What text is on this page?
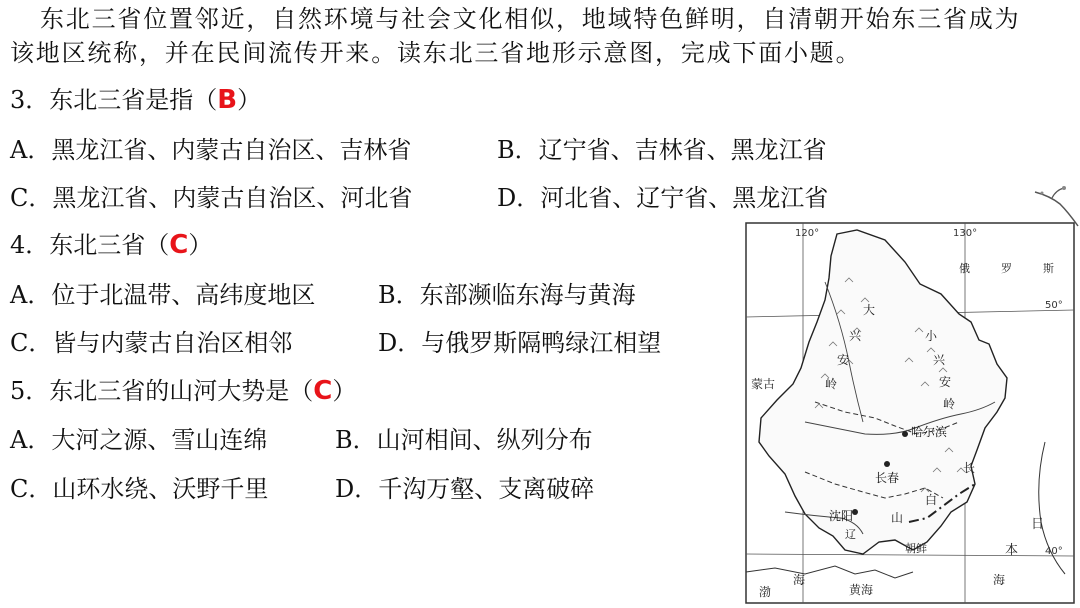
东北三省位置邻近，自然环境与社会文化相似，地域特色鲜明，自清朝开始东三省成为
该地区统称，并在民间流传开来。读东北三省地形示意图，完成下面小题。
3．东北三省是指（B）
A．黑龙江省、内蒙古自治区、吉林省	B．辽宁省、吉林省、黑龙江省
C．黑龙江省、内蒙古自治区、河北省	D．河北省、辽宁省、黑龙江省
4．东北三省（C）
A．位于北温带、高纬度地区	B．东部濒临东海与黄海
C．皆与内蒙古自治区相邻	D．与俄罗斯隔鸭绿江相望
5．东北三省的山河大势是（C）
A．大河之源、雪山连绵	B．山河相间、纵列分布
C．山环水绕、沃野千里	D．千沟万壑、支离破碎
120°	130°
50°
40°
俄	罗	斯
大
兴
安
岭
小
兴
安
岭
蒙古
哈尔滨
长春
沈阳
长
白
山
辽
朝鲜
日
本
渤
海
黄海
海
